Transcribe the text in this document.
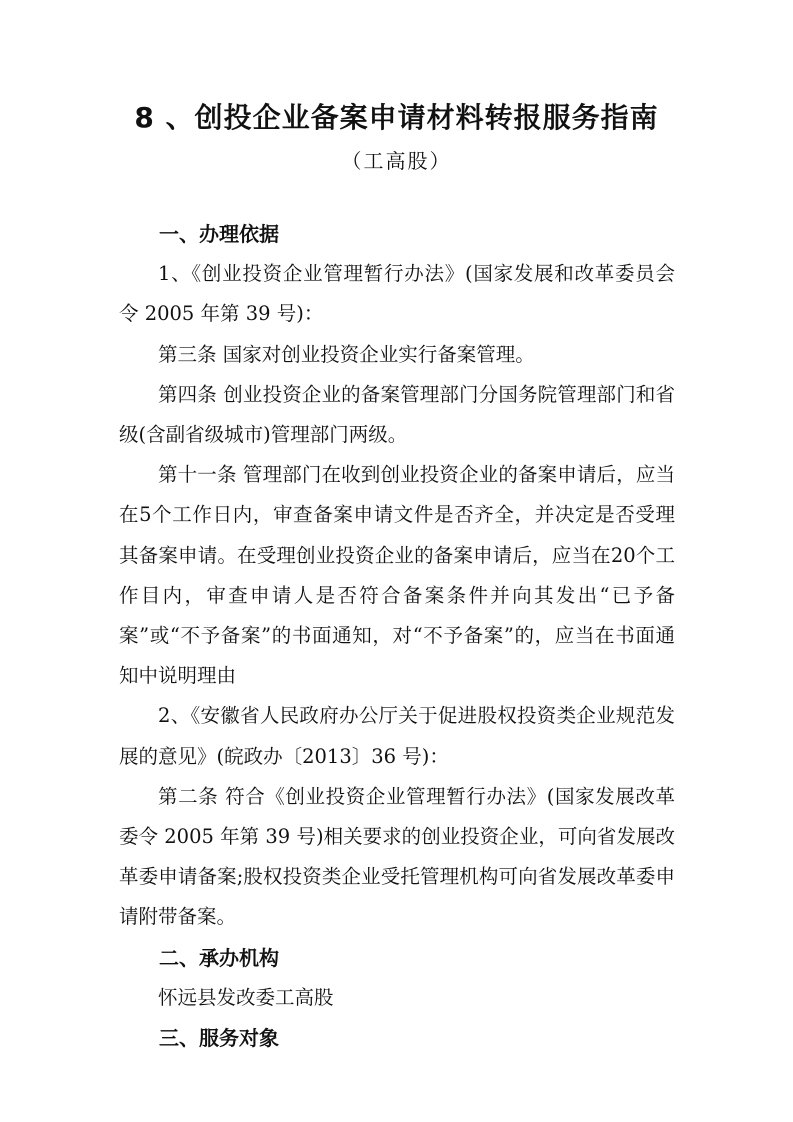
8 、创投企业备案申请材料转报服务指南
（工高股）

一、办理依据

1、《创业投资企业管理暂行办法》(国家发展和改革委员会令 2005 年第 39 号)：

第三条 国家对创业投资企业实行备案管理。

第四条 创业投资企业的备案管理部门分国务院管理部门和省级(含副省级城市)管理部门两级。

第十一条 管理部门在收到创业投资企业的备案申请后，应当在5个工作日内，审查备案申请文件是否齐全，并决定是否受理其备案申请。在受理创业投资企业的备案申请后，应当在20个工作目内，审查申请人是否符合备案条件并向其发出“已予备案”或“不予备案”的书面通知，对“不予备案”的，应当在书面通知中说明理由

2、《安徽省人民政府办公厅关于促进股权投资类企业规范发展的意见》(皖政办〔2013〕36 号)：

第二条 符合《创业投资企业管理暂行办法》(国家发展改革委令 2005 年第 39 号)相关要求的创业投资企业，可向省发展改革委申请备案;股权投资类企业受托管理机构可向省发展改革委申请附带备案。

二、承办机构

怀远县发改委工高股

三、服务对象
